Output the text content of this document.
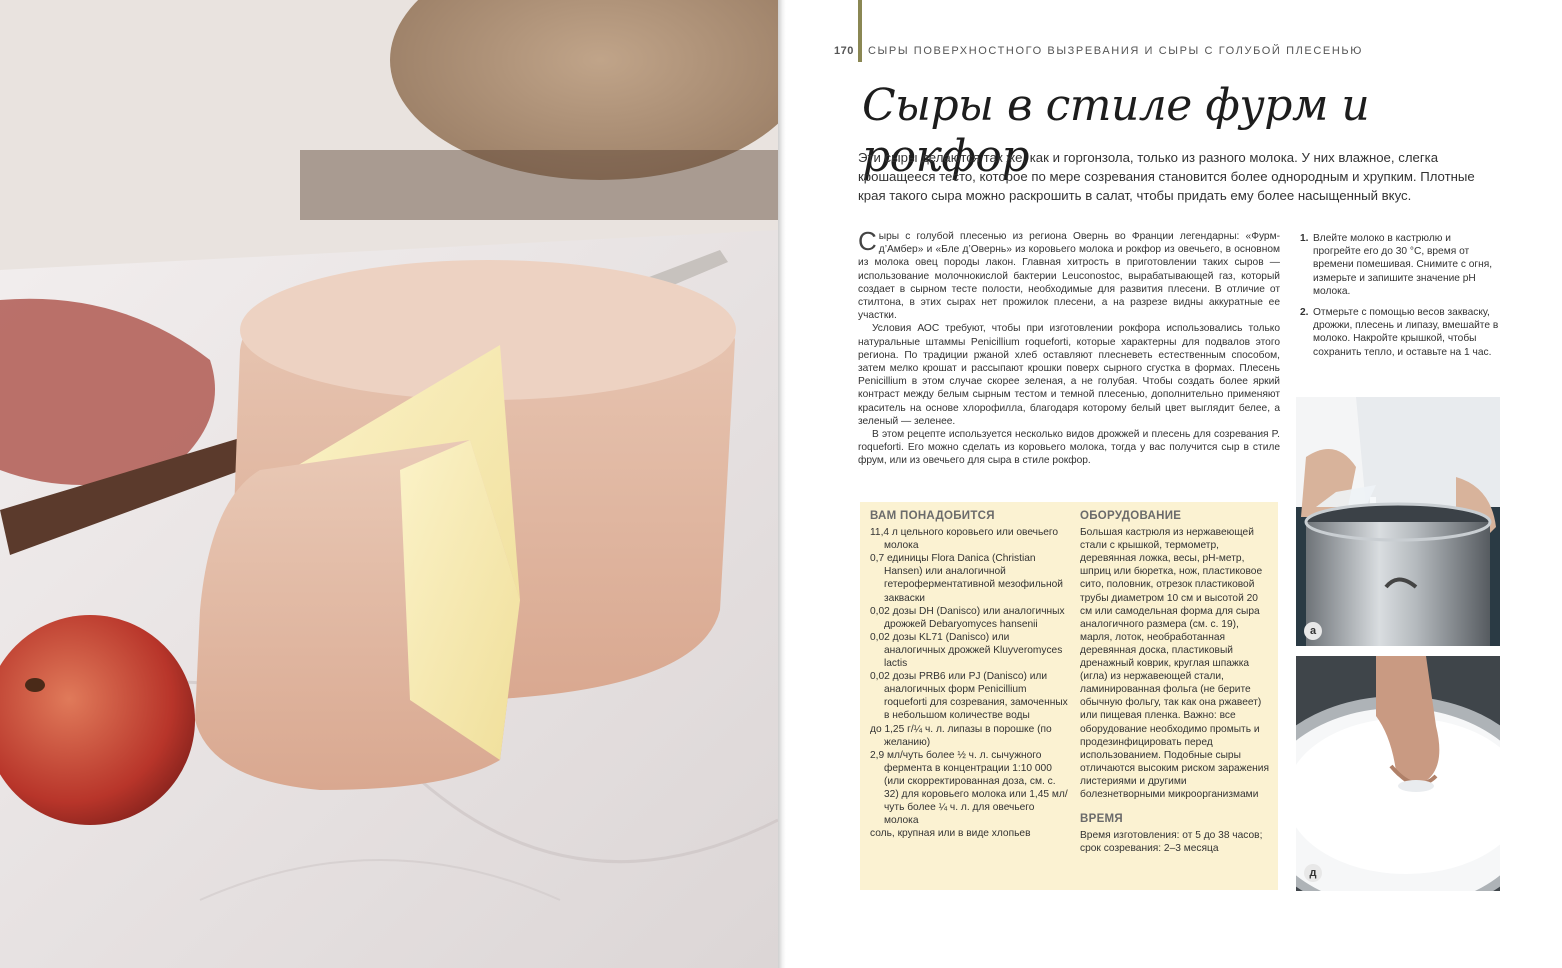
170 СЫРЫ ПОВЕРХНОСТНОГО ВЫЗРЕВАНИЯ И СЫРЫ С ГОЛУБОЙ ПЛЕСЕНЬЮ
Сыры в стиле фурм и рокфор
Эти сыры делаются так же, как и горгонзола, только из разного молока. У них влажное, слегка крошащееся тесто, которое по мере созревания становится более однородным и хрупким. Плотные края такого сыра можно раскрошить в салат, чтобы придать ему более насыщенный вкус.

Сыры с голубой плесенью из региона Овернь во Франции легендарны: «Фурм-д’Амбер» и «Бле д’Овернь» из коровьего молока и рокфор из овечьего, в основном из молока овец породы лакон. Главная хитрость в приготовлении таких сыров — использование молочнокислой бактерии Leuconostoc, вырабатывающей газ, который создает в сырном тесте полости, необходимые для развития плесени. В отличие от стилтона, в этих сырах нет прожилок плесени, а на разрезе видны аккуратные ее участки.

Условия АОС требуют, чтобы при изготовлении рокфора использовались только натуральные штаммы Penicillium roqueforti, которые характерны для подвалов этого региона. По традиции ржаной хлеб оставляют плесневеть естественным способом, затем мелко крошат и рассыпают крошки поверх сырного сгустка в формах. Плесень Penicillium в этом случае скорее зеленая, а не голубая. Чтобы создать более яркий контраст между белым сырным тестом и темной плесенью, дополнительно применяют краситель на основе хлорофилла, благодаря которому белый цвет выглядит белее, а зеленый — зеленее.

В этом рецепте используется несколько видов дрожжей и плесень для созревания P. roqueforti. Его можно сделать из коровьего молока, тогда у вас получится сыр в стиле фрум, или из овечьего для сыра в стиле рокфор.

1. Влейте молоко в кастрюлю и прогрейте его до 30 °С, время от времени помешивая. Снимите с огня, измерьте и запишите значение pH молока.
2. Отмерьте с помощью весов закваску, дрожжи, плесень и липазу, вмешайте в молоко. Накройте крышкой, чтобы сохранить тепло, и оставьте на 1 час.
а
д
ВАМ ПОНАДОБИТСЯ

11,4 л цельного коровьего или овечьего молока

0,7 единицы Flora Danica (Christian Hansen) или аналогичной гетероферментативной мезофильной закваски

0,02 дозы DH (Danisco) или аналогичных дрожжей Debaryomyces hansenii

0,02 дозы KL71 (Danisco) или аналогичных дрожжей Kluyveromyces lactis

0,02 дозы PRB6 или PJ (Danisco) или аналогичных форм Penicillium roqueforti для созревания, замоченных в небольшом количестве воды

до 1,25 г/¼ ч. л. липазы в порошке (по желанию)

2,9 мл/чуть более ½ ч. л. сычужного фермента в концентрации 1:10 000 (или скорректированная доза, см. с. 32) для коровьего молока или 1,45 мл/чуть более ¼ ч. л. для овечьего молока

соль, крупная или в виде хлопьев

ОБОРУДОВАНИЕ

Большая кастрюля из нержавеющей стали с крышкой, термометр, деревянная ложка, весы, pH-метр, шприц или бюретка, нож, пластиковое сито, половник, отрезок пластиковой трубы диаметром 10 см и высотой 20 см или самодельная форма для сыра аналогичного размера (см. с. 19), марля, лоток, необработанная деревянная доска, пластиковый дренажный коврик, круглая шпажка (игла) из нержавеющей стали, ламинированная фольга (не берите обычную фольгу, так как она ржавеет) или пищевая пленка. Важно: все оборудование необходимо промыть и продезинфицировать перед использованием. Подобные сыры отличаются высоким риском заражения листериями и другими болезнетворными микроорганизмами

ВРЕМЯ

Время изготовления: от 5 до 38 часов; срок созревания: 2–3 месяца
